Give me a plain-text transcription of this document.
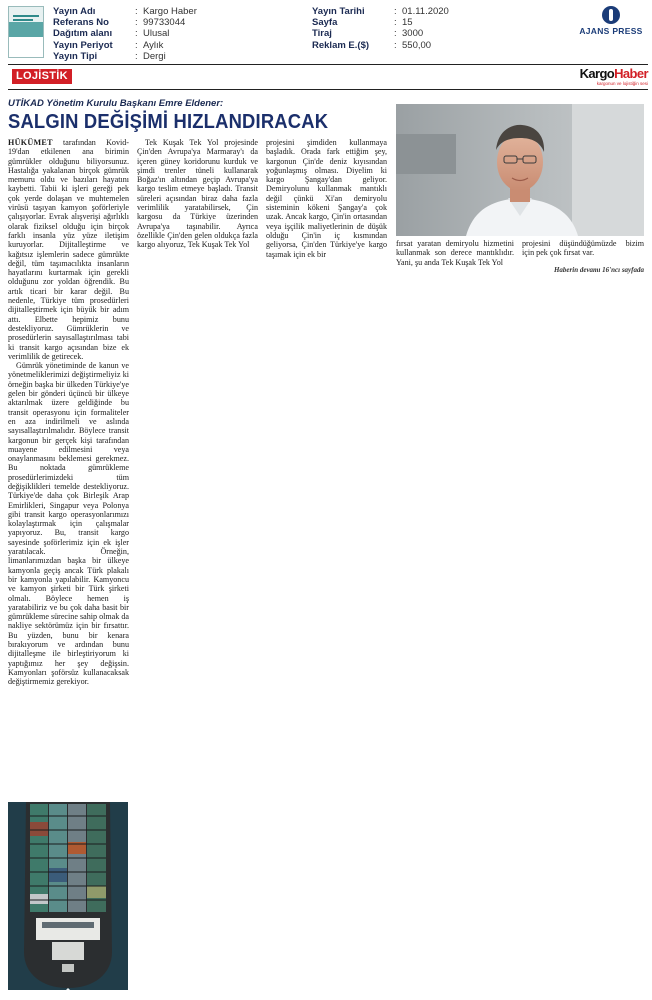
Yayın Adı	: Kargo Haber
Referans No	: 99733044
Dağıtım alanı	: Ulusal
Yayın Periyot	: Aylık
Yayın Tipi	: Dergi
Yayın Tarihi	: 01.11.2020
Sayfa	: 15
Tiraj	: 3000
Reklam E.($)	: 550,00
AJANS PRESS
LOJİSTİK	KargoHaber
kargonun ve lojistiğin sesi
UTİKAD Yönetim Kurulu Başkanı Emre Eldener:
SALGIN DEĞİŞİMİ HIZLANDIRACAK

HÜKÜMET tarafından Kovid-19'dan etkilenen ana birimin gümrükler olduğunu biliyorsunuz. Hastalığa yakalanan birçok gümrük memuru oldu ve bazıları hayatını kaybetti. Tabii ki işleri gereği pek çok yerde dolaşan ve muhtemelen virüsü taşıyan kamyon şoförleriyle çalışıyorlar. Evrak alışverişi ağırlıklı olarak fiziksel olduğu için birçok farklı insanla yüz yüze iletişim kuruyorlar. Dijitalleştirme ve kağıtsız işlemlerin sadece gümrükte değil, tüm taşımacılıkta insanların hayatlarını kurtarmak için gerekli olduğunu zor yoldan öğrendik. Bu artık ticari bir karar değil. Bu nedenle, Türkiye tüm prosedürleri dijitalleştirmek için büyük bir adım attı. Elbette hepimiz bunu destekliyoruz. Gümrüklerin ve prosedürlerin sayısallaştırılması tabi ki transit kargo açısından bize ek verimlilik de getirecek.

Gümrük yönetiminde de kanun ve yönetmeliklerimizi değiştirmeliyiz ki örneğin başka bir ülkeden Türkiye'ye gelen bir gönderi üçüncü bir ülkeye aktarılmak üzere geldiğinde bu transit operasyonu için formaliteler en aza indirilmeli ve aslında sayısallaştırılmalıdır. Böylece transit kargonun bir gerçek kişi tarafından muayene edilmesini veya onaylanmasını beklemesi gerekmez. Bu noktada gümrükleme prosedürlerimizdeki tüm değişiklikleri temelde destekliyoruz. Türkiye'de daha çok Birleşik Arap Emirlikleri, Singapur veya Polonya gibi transit kargo operasyonlarımızı kolaylaştırmak için çalışmalar yapıyoruz. Bu, transit kargo sayesinde şoförlerimiz için ek işler yaratılacak. Örneğin, limanlarımızdan başka bir ülkeye kamyonla geçiş ancak Türk plakalı bir kamyonla yapılabilir. Kamyoncu ve kamyon şirketi bir Türk şirketi olmalı. Böylece hemen iş yaratabiliriz ve bu çok daha basit bir gümrükleme sürecine sahip olmak da nakliye sektörümüz için bir fırsattır. Bu yüzden, bunu bir kenara bırakıyorum ve ardından bunu dijitalleşme ile birleştiriyorum ki yaptığımız her şey değişsin. Kamyonları şoförsüz kullanacaksak değiştirmemiz gerekiyor.

Tek Kuşak Tek Yol projesinde Çin'den Avrupa'ya Marmaray'ı da içeren güney koridorunu kurduk ve şimdi trenler tüneli kullanarak Boğaz'ın altından geçip Avrupa'ya kargo teslim etmeye başladı. Transit süreleri açısından biraz daha fazla verimlilik yaratabilirsek, Çin kargosu da Türkiye üzerinden Avrupa'ya taşınabilir. Ayrıca özellikle Çin'den gelen oldukça fazla kargo alıyoruz, Tek Kuşak Tek Yol

projesini şimdiden kullanmaya başladık. Orada fark ettiğim şey, kargonun Çin'de deniz kıyısından yoğunlaşmış olması. Diyelim ki kargo Şangay'dan geliyor. Demiryolunu kullanmak mantıklı değil çünkü Xi'an demiryolu sisteminin kökeni Şangay'a çok uzak. Ancak kargo, Çin'in ortasından veya işçilik maliyetlerinin de düşük olduğu Çin'in iç kısmından geliyorsa, Çin'den Türkiye'ye kargo taşımak için ek bir

fırsat yaratan demiryolu hizmetini kullanmak son derece mantıklıdır. Yani, şu anda Tek Kuşak Tek Yol

projesini düşündüğümüzde bizim için pek çok fırsat var.

Haberin devamı 16'ncı sayfada
